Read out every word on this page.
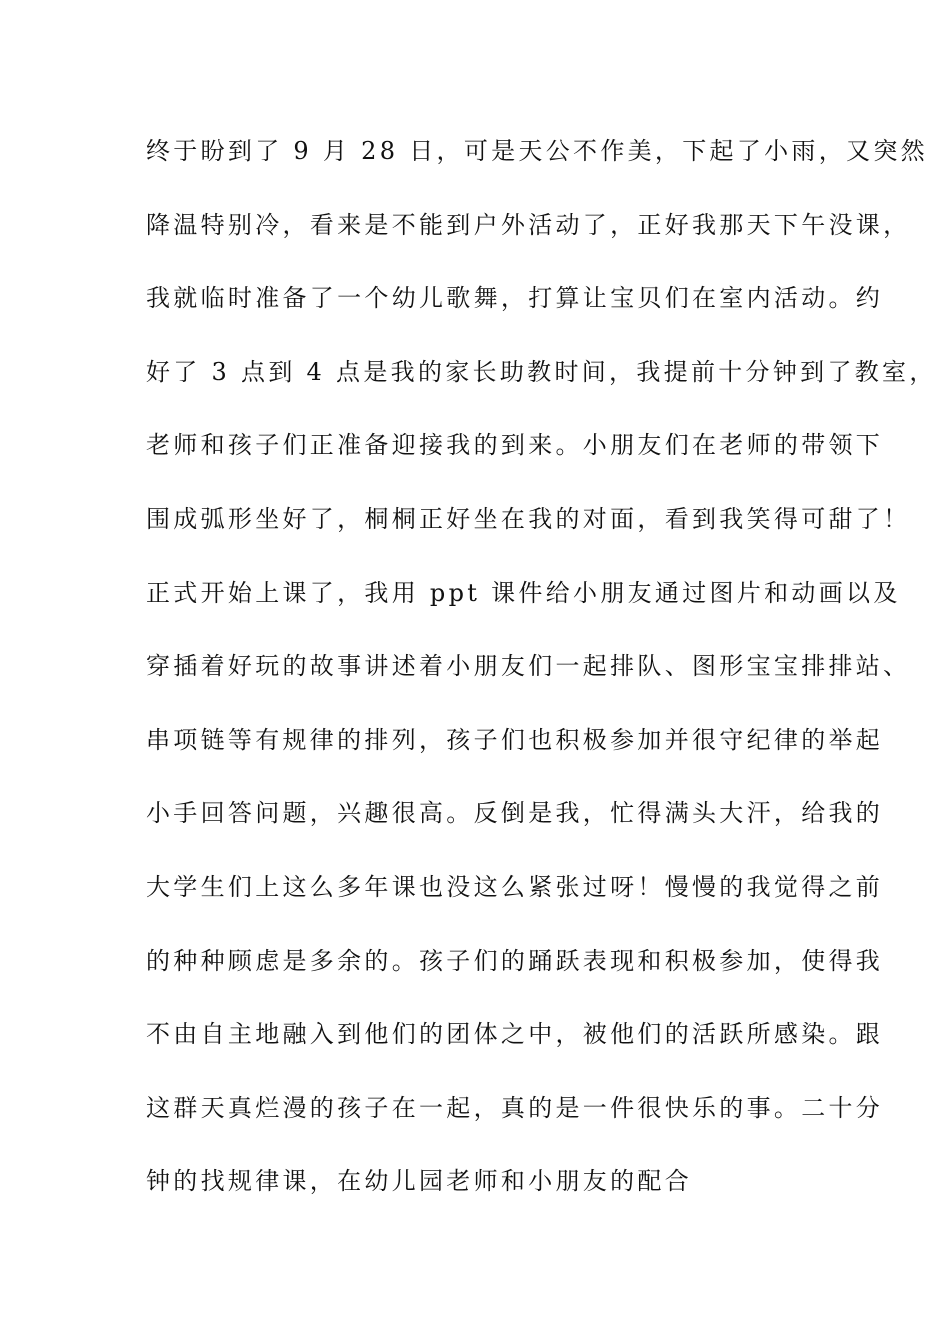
终于盼到了 9 月 28 日，可是天公不作美，下起了小雨，又突然
降温特别冷，看来是不能到户外活动了，正好我那天下午没课，
我就临时准备了一个幼儿歌舞，打算让宝贝们在室内活动。约
好了 3 点到 4 点是我的家长助教时间，我提前十分钟到了教室，
老师和孩子们正准备迎接我的到来。小朋友们在老师的带领下
围成弧形坐好了，桐桐正好坐在我的对面，看到我笑得可甜了！
正式开始上课了，我用 ppt 课件给小朋友通过图片和动画以及
穿插着好玩的故事讲述着小朋友们一起排队、图形宝宝排排站、
串项链等有规律的排列，孩子们也积极参加并很守纪律的举起
小手回答问题，兴趣很高。反倒是我，忙得满头大汗，给我的
大学生们上这么多年课也没这么紧张过呀！慢慢的我觉得之前
的种种顾虑是多余的。孩子们的踊跃表现和积极参加，使得我
不由自主地融入到他们的团体之中，被他们的活跃所感染。跟
这群天真烂漫的孩子在一起，真的是一件很快乐的事。二十分
钟的找规律课，在幼儿园老师和小朋友的配合
